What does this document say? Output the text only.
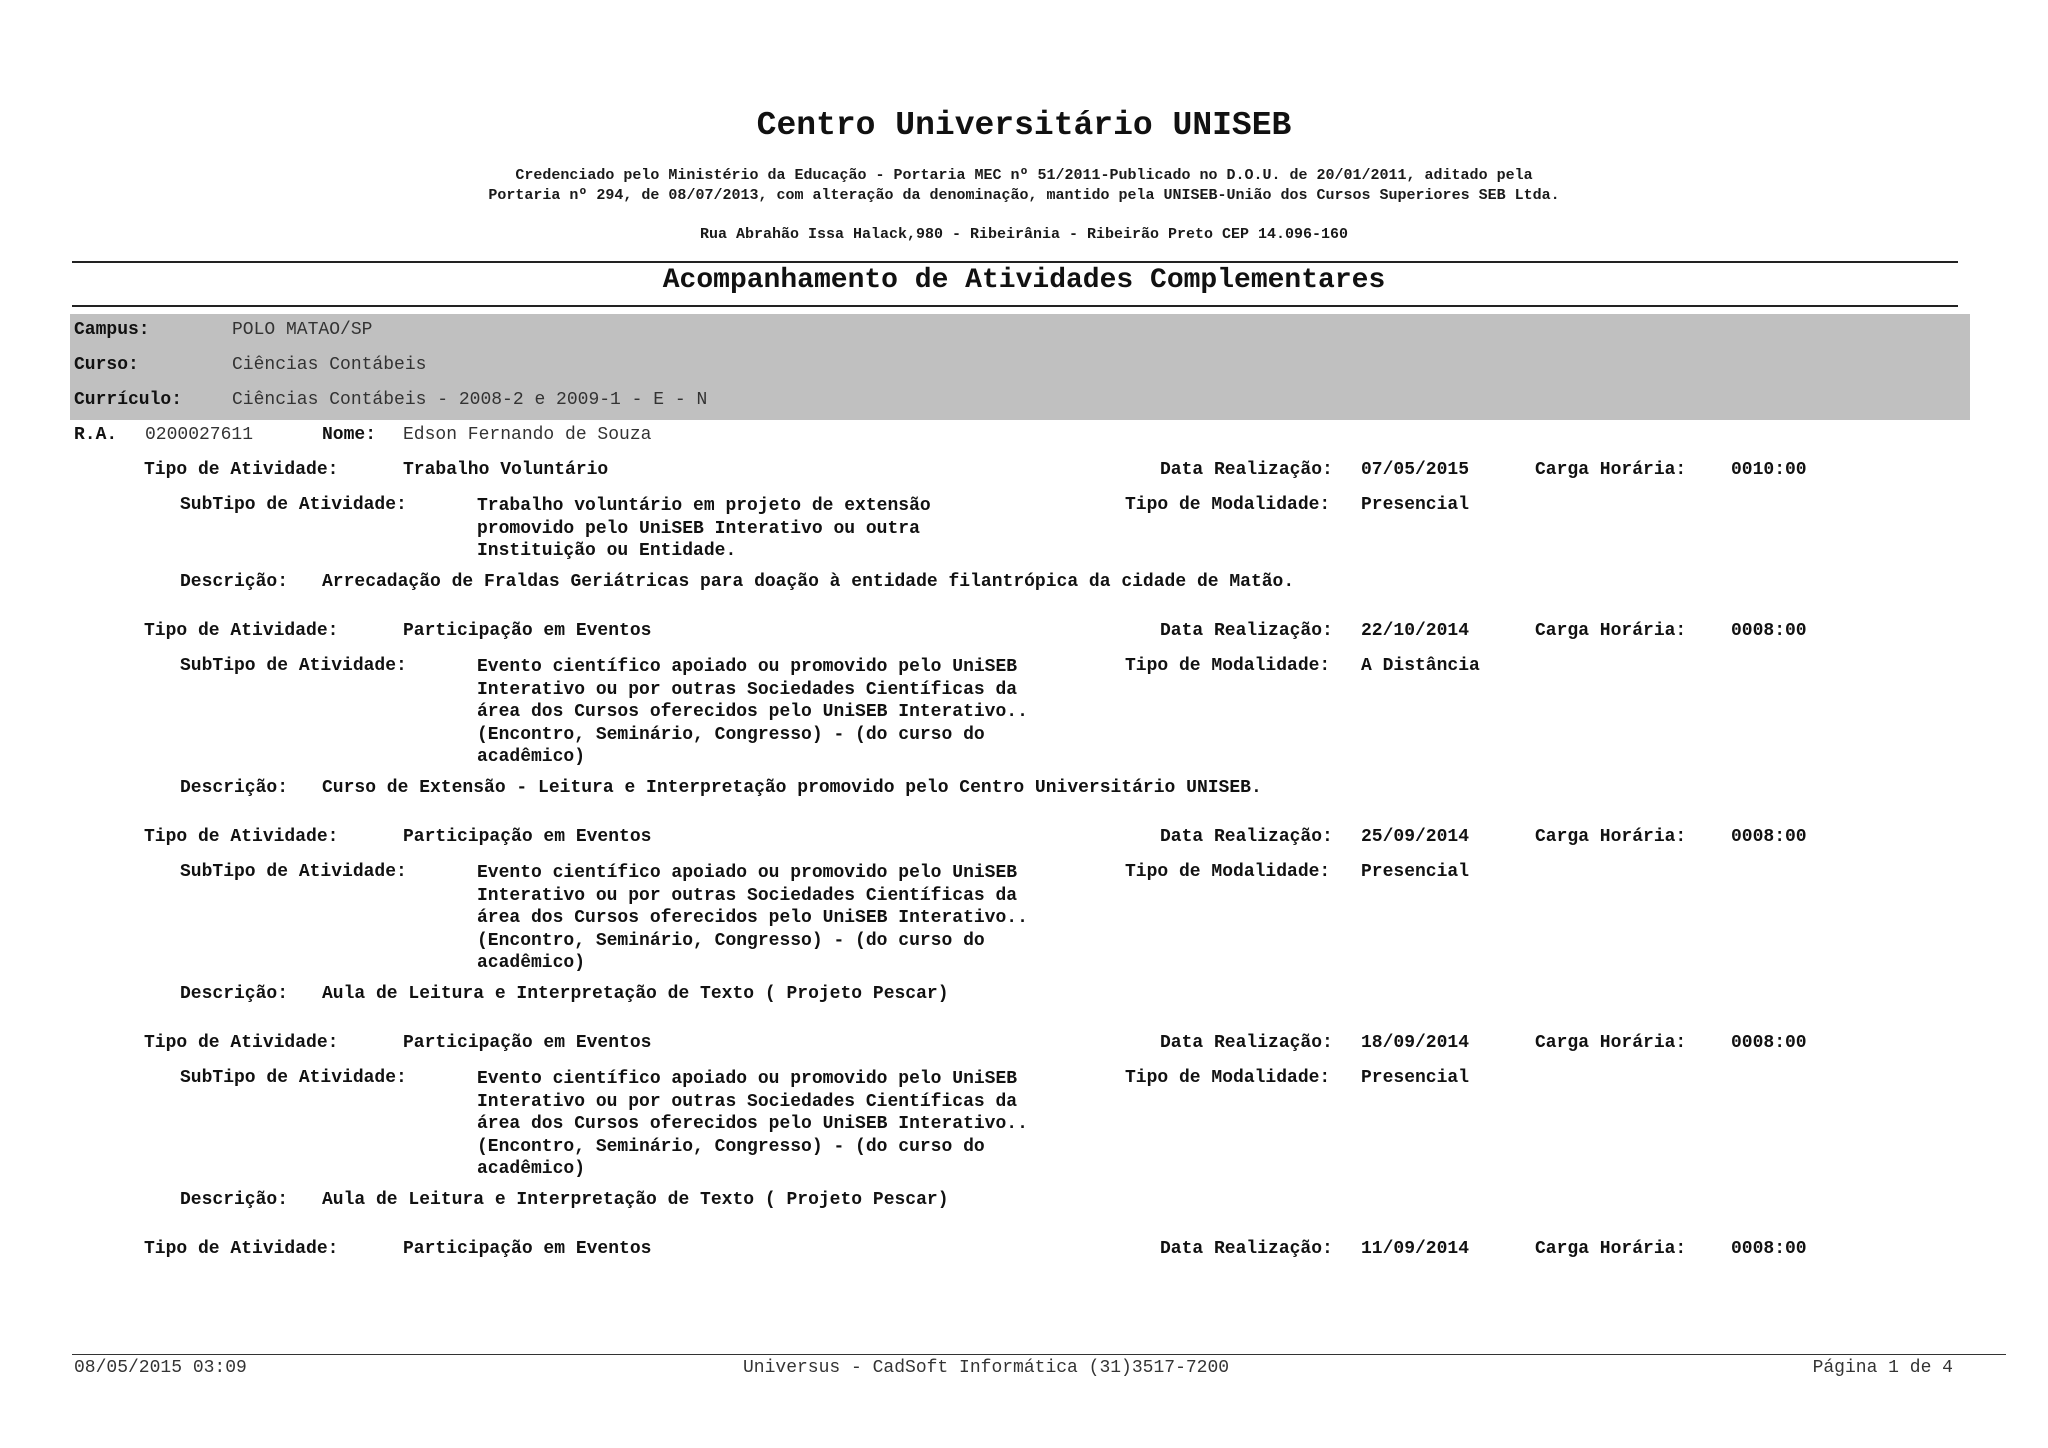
Centro Universitário UNISEB
Credenciado pelo Ministério da Educação - Portaria MEC nº 51/2011-Publicado no D.O.U. de 20/01/2011, aditado pela
Portaria nº 294, de 08/07/2013, com alteração da denominação, mantido pela UNISEB-União dos Cursos Superiores SEB Ltda.
Rua Abrahão Issa Halack,980 - Ribeirânia - Ribeirão Preto CEP 14.096-160
Acompanhamento de Atividades Complementares
Campus:	POLO MATAO/SP
Curso:	Ciências Contábeis
Currículo:	Ciências Contábeis - 2008-2 e 2009-1 - E - N
R.A. 0200027611	Nome: Edson Fernando de Souza
Tipo de Atividade:	Trabalho Voluntário	Data Realização: 07/05/2015	Carga Horária: 0010:00
SubTipo de Atividade:	Trabalho voluntário em projeto de extensão
promovido pelo UniSEB Interativo ou outra
Instituição ou Entidade.
Tipo de Modalidade: Presencial
Descrição: Arrecadação de Fraldas Geriátricas para doação à entidade filantrópica da cidade de Matão.
Tipo de Atividade:	Participação em Eventos	Data Realização: 22/10/2014	Carga Horária: 0008:00
SubTipo de Atividade:	Evento científico apoiado ou promovido pelo UniSEB
Interativo ou por outras Sociedades Científicas da
área dos Cursos oferecidos pelo UniSEB Interativo..
(Encontro, Seminário, Congresso) - (do curso do
acadêmico)
Tipo de Modalidade: A Distância
Descrição: Curso de Extensão - Leitura e Interpretação promovido pelo Centro Universitário UNISEB.
Tipo de Atividade:	Participação em Eventos	Data Realização: 25/09/2014	Carga Horária: 0008:00
SubTipo de Atividade:	Evento científico apoiado ou promovido pelo UniSEB
Interativo ou por outras Sociedades Científicas da
área dos Cursos oferecidos pelo UniSEB Interativo..
(Encontro, Seminário, Congresso) - (do curso do
acadêmico)
Tipo de Modalidade: Presencial
Descrição: Aula de Leitura e Interpretação de Texto ( Projeto Pescar)
Tipo de Atividade:	Participação em Eventos	Data Realização: 18/09/2014	Carga Horária: 0008:00
SubTipo de Atividade:	Evento científico apoiado ou promovido pelo UniSEB
Interativo ou por outras Sociedades Científicas da
área dos Cursos oferecidos pelo UniSEB Interativo..
(Encontro, Seminário, Congresso) - (do curso do
acadêmico)
Tipo de Modalidade: Presencial
Descrição: Aula de Leitura e Interpretação de Texto ( Projeto Pescar)
Tipo de Atividade:	Participação em Eventos	Data Realização: 11/09/2014	Carga Horária: 0008:00
08/05/2015 03:09	Universus - CadSoft Informática (31)3517-7200	Página 1 de 4
